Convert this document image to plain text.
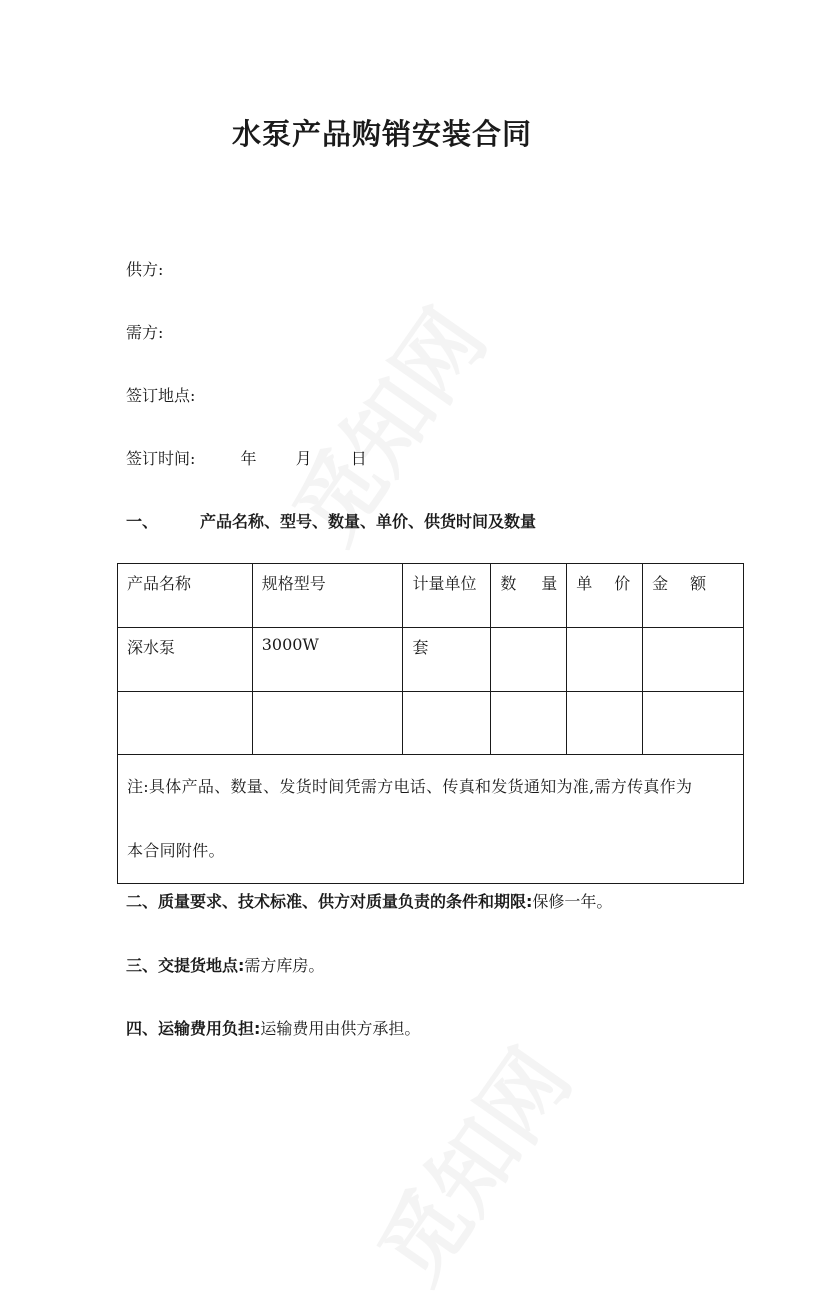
水泵产品购销安装合同
供方:
需方:
签订地点:
签订时间:	年 月 日
一、	产品名称、型号、数量、单价、供货时间及数量
产品名称	规格型号	计量单位	数 量	单 价	金 额
深水泵	3000W	套			

注:具体产品、数量、发货时间凭需方电话、传真和发货通知为准,需方传真作为
本合同附件。					
二、质量要求、技术标准、供方对质量负责的条件和期限:保修一年。
三、交提货地点:需方库房。
四、运输费用负担:运输费用由供方承担。
